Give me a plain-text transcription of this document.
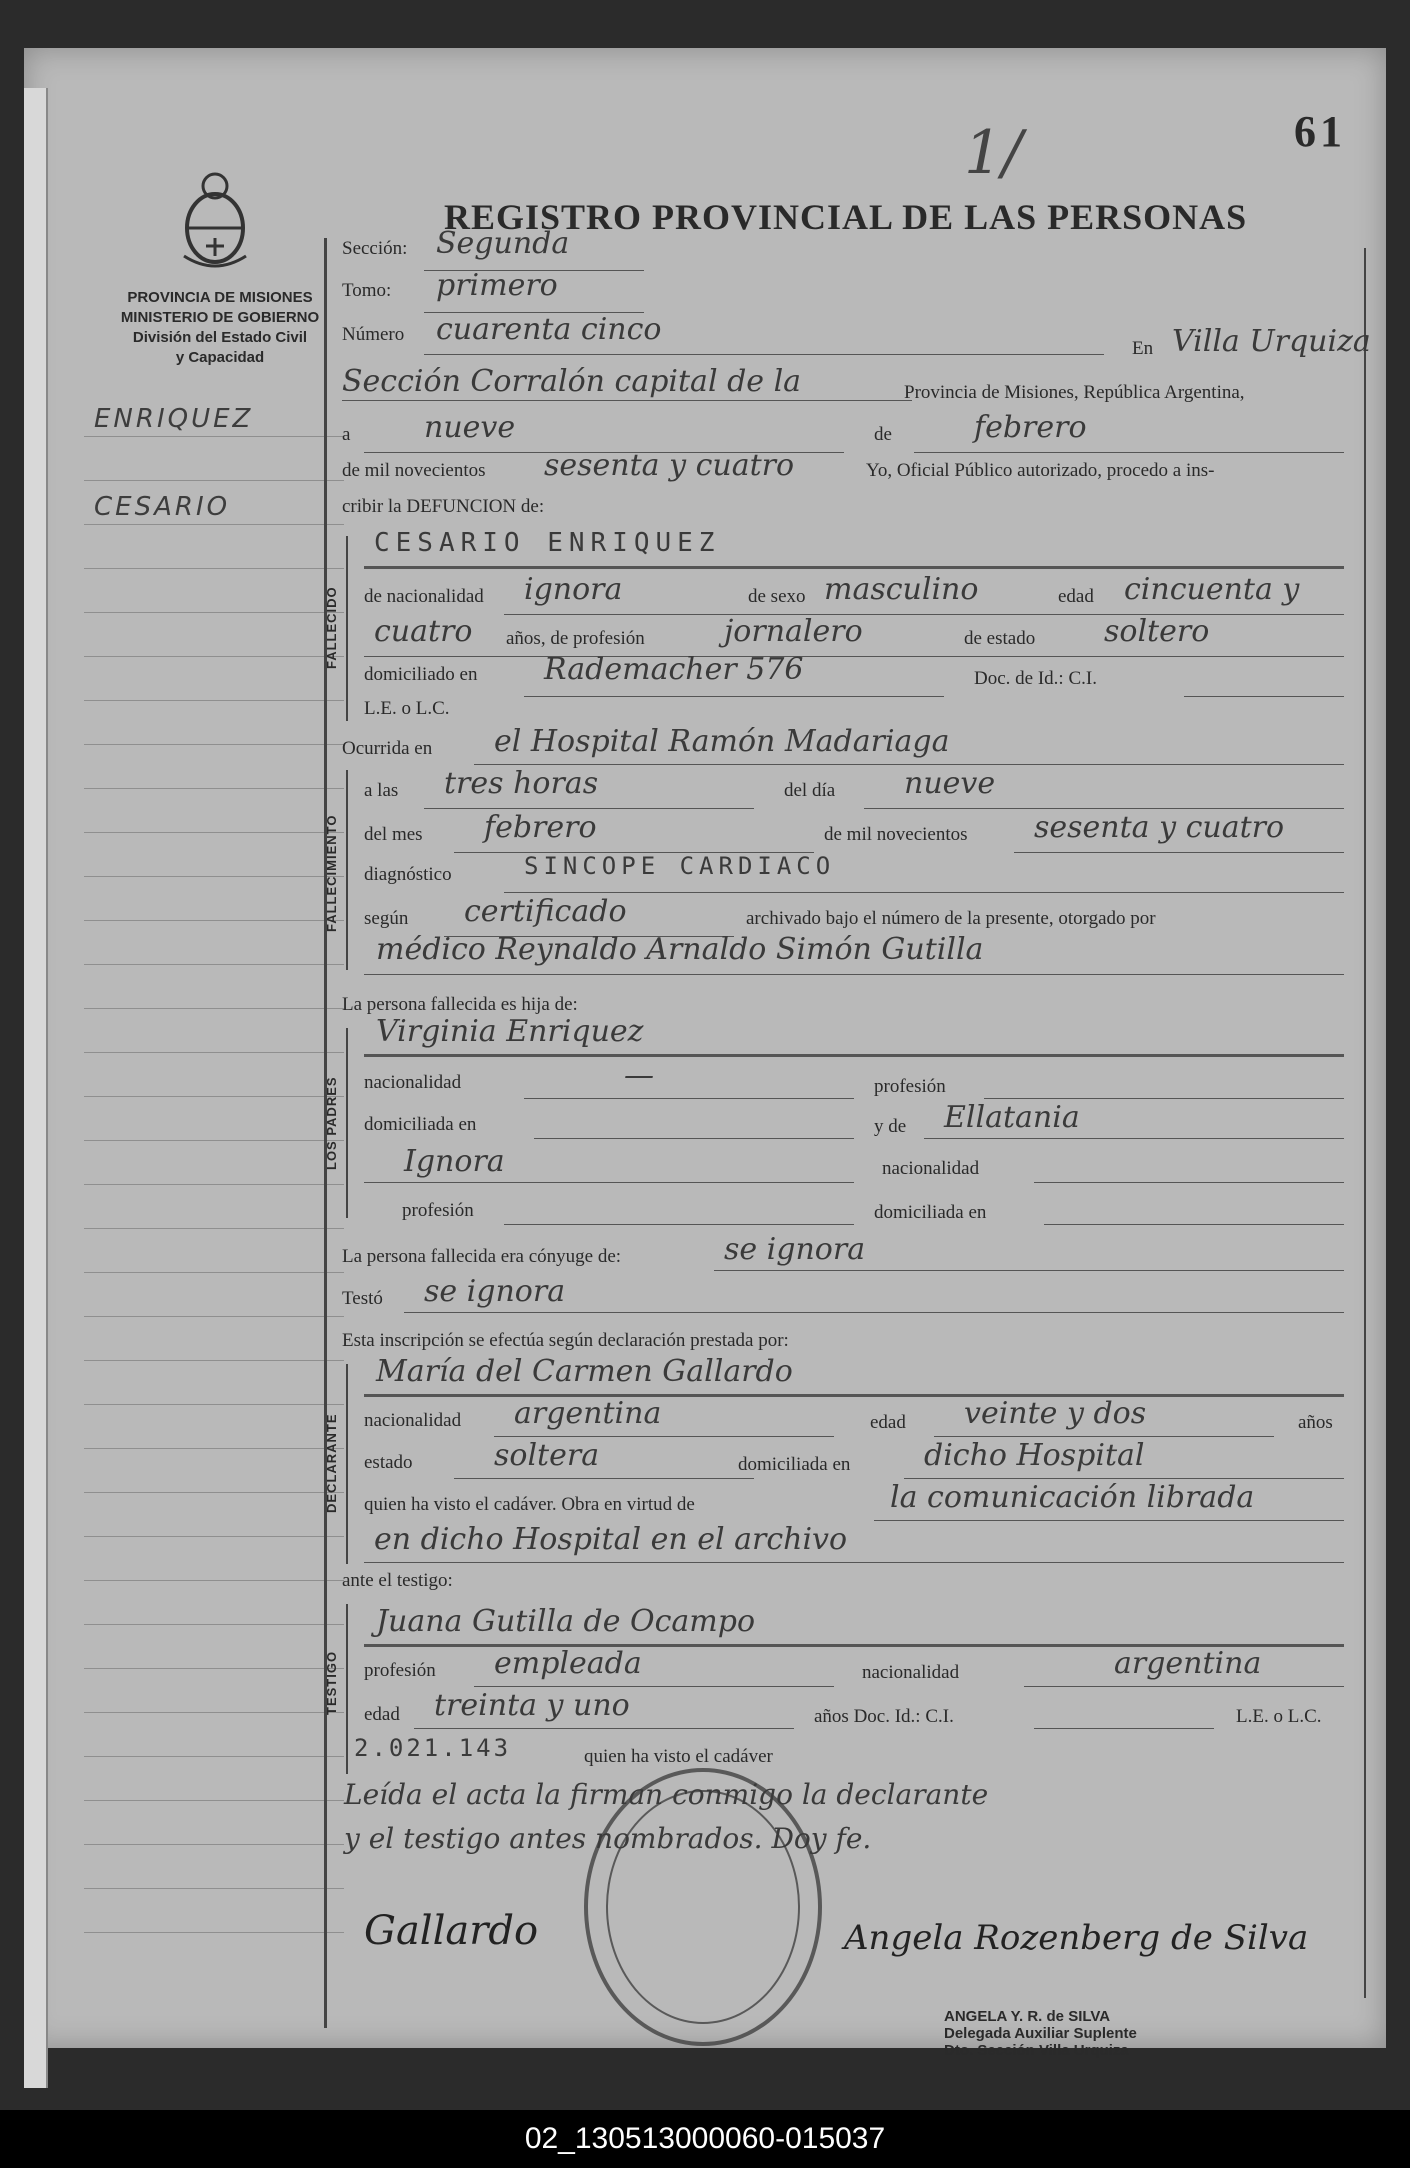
61
1/
REGISTRO PROVINCIAL DE LAS PERSONAS
PROVINCIA DE MISIONES
MINISTERIO DE GOBIERNO
División del Estado Civil
y Capacidad
ENRIQUEZ
CESARIO
Sección: Segunda
Tomo: primero
Número cuarenta cinco
En Villa Urquiza
Sección Corralón capital de la	Provincia de Misiones, República Argentina,
a nueve	de	febrero
de mil novecientos sesenta y cuatro	Yo, Oficial Público autorizado, procedo a ins-
cribir la DEFUNCION de:
FALLECIDO
CESARIO ENRIQUEZ
de nacionalidad ignora	de sexo masculino	edad cincuenta y
cuatro años, de profesión	jornalero	de estado soltero
domiciliado en Rademacher 576	Doc. de Id.: C.I.
L.E. o L.C.
Ocurrida en el Hospital Ramón Madariaga
FALLECIMIENTO
a las tres horas	del día nueve
del mes febrero	de mil novecientos sesenta y cuatro
diagnóstico	SINCOPE CARDIACO
según certificado	archivado bajo el número de la presente, otorgado por
médico Reynaldo Arnaldo Simón Gutilla
La persona fallecida es hija de:
LOS PADRES
Virginia Enriquez
nacionalidad	—	profesión
domiciliada en	y de Ellatania
Ignora	nacionalidad
profesión	domiciliada en
La persona fallecida era cónyuge de:	se ignora
Testó se ignora
Esta inscripción se efectúa según declaración prestada por:
DECLARANTE
María del Carmen Gallardo
nacionalidad argentina	edad veinte y dos	años
estado	soltera	domiciliada en dicho Hospital
quien ha visto el cadáver. Obra en virtud de	la comunicación librada
en dicho Hospital en el archivo
ante el testigo:
TESTIGO
Juana Gutilla de Ocampo
profesión empleada	nacionalidad	argentina
edad treinta y uno	años Doc. Id.: C.I.	L.E. o L.C.
2.021.143	quien ha visto el cadáver
Leída el acta la firman conmigo la declarante
y el testigo antes nombrados. Doy fe.
Gallardo	Angela Rozenberg de Silva
ANGELA Y. R. de SILVA
Delegada Auxiliar Suplente
Dto. Sección Villa Urquiza
02_130513000060-015037
